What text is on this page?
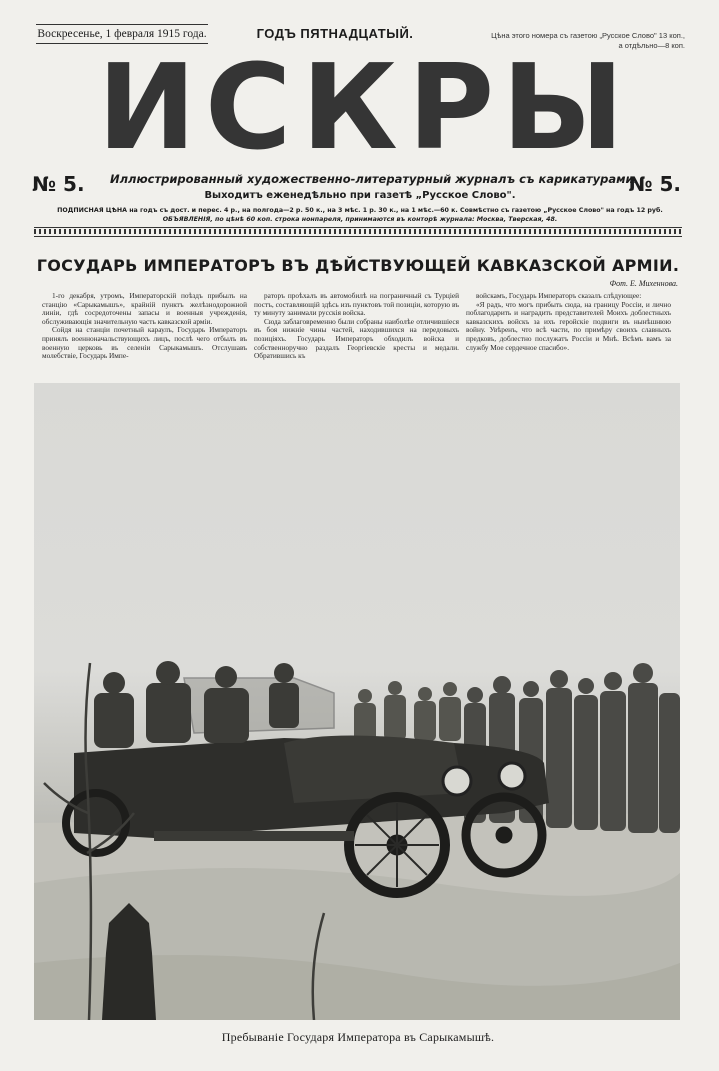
Воскресенье, 1 февраля 1915 года.	ГОДЪ ПЯТНАДЦАТЫЙ.	Цѣна этого номера съ газетою „Русское Слово" 13 коп.,
а отдѣльно—8 коп.
И С К Р Ы
№ 5. Иллюстрированный художественно-литературный журналъ съ карикатурами.
№ 5.
Выходитъ еженедѣльно при газетѣ „Русское Слово".
ПОДПИСНАЯ ЦѢНА на годъ съ дост. и перес. 4 р., на полгода—2 р. 50 к., на 3 мѣс. 1 р. 30 к., на 1 мѣс.—60 к. Совмѣстно съ газетою „Русское Слово" на годъ 12 руб.
ОБЪЯВЛЕНІЯ, по цѣнѣ 60 коп. строка нонпареля, принимаются въ конторѣ журнала: Москва, Тверская, 48.
ГОСУДАРЬ ИМПЕРАТОРЪ ВЪ ДѢЙСТВУЮЩЕЙ КАВКАЗСКОЙ АРМІИ.
Фот. Е. Михеннова.

1-го декабря, утромъ, Императорскій поѣздъ прибылъ на станцію «Сарыкамышъ», крайній пунктъ желѣзнодорожной линіи, гдѣ сосредоточены запасы и военныя учрежденія, обслуживающія значительную часть кавказской арміи.

Сойдя на станціи почетный караулъ, Государь Императоръ принялъ военноначальствующихъ лицъ, послѣ чего отбылъ въ военную церковь въ селеніи Сарыкамышъ. Отслушавъ молебствіе, Государь Импе-

раторъ проѣхалъ въ автомобилѣ на пограничный съ Турціей постъ, составляющій здѣсь изъ пунктовъ той позиціи, которую въ ту минуту занимали русскія войска.

Сюда заблаговременно были собраны наиболѣе отличившіеся въ боя нижніе чины частей, находившихся на передовыхъ позиціяхъ. Государь Императоръ обходилъ войска и собственноручно раздалъ Георгіевскіе кресты и медали. Обратившись къ

войскамъ, Государь Императоръ сказалъ слѣдующее:

«Я радъ, что могъ прибыть сюда, на границу Россіи, и лично поблагодарить и наградить представителей Моихъ доблестныхъ кавказскихъ войскъ за ихъ геройскіе подвиги въ нынѣшнюю войну. Увѣренъ, что всѣ части, по примѣру своихъ славныхъ предковъ, доблестно послужатъ Россіи и Мнѣ. Всѣмъ вамъ за службу Мое сердечное спасибо».

Пребываніе Государя Императора въ Сарыкамышѣ.
